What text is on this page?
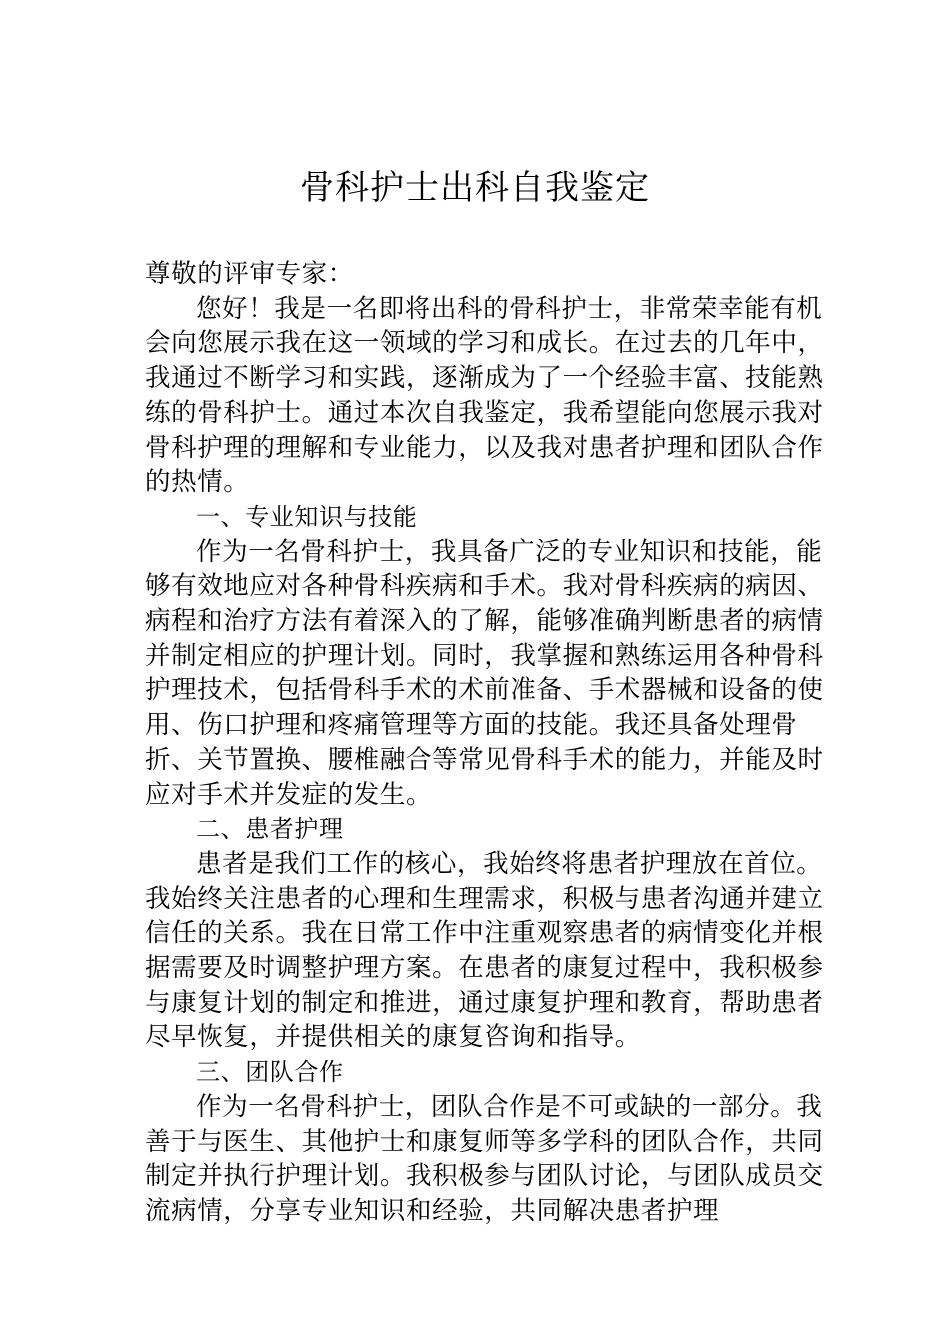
骨科护士出科自我鉴定

尊敬的评审专家：

您好！我是一名即将出科的骨科护士，非常荣幸能有机会向您展示我在这一领域的学习和成长。在过去的几年中，我通过不断学习和实践，逐渐成为了一个经验丰富、技能熟练的骨科护士。通过本次自我鉴定，我希望能向您展示我对骨科护理的理解和专业能力，以及我对患者护理和团队合作的热情。

一、专业知识与技能

作为一名骨科护士，我具备广泛的专业知识和技能，能够有效地应对各种骨科疾病和手术。我对骨科疾病的病因、病程和治疗方法有着深入的了解，能够准确判断患者的病情并制定相应的护理计划。同时，我掌握和熟练运用各种骨科护理技术，包括骨科手术的术前准备、手术器械和设备的使用、伤口护理和疼痛管理等方面的技能。我还具备处理骨折、关节置换、腰椎融合等常见骨科手术的能力，并能及时应对手术并发症的发生。

二、患者护理

患者是我们工作的核心，我始终将患者护理放在首位。我始终关注患者的心理和生理需求，积极与患者沟通并建立信任的关系。我在日常工作中注重观察患者的病情变化并根据需要及时调整护理方案。在患者的康复过程中，我积极参与康复计划的制定和推进，通过康复护理和教育，帮助患者尽早恢复，并提供相关的康复咨询和指导。

三、团队合作

作为一名骨科护士，团队合作是不可或缺的一部分。我善于与医生、其他护士和康复师等多学科的团队合作，共同制定并执行护理计划。我积极参与团队讨论，与团队成员交流病情，分享专业知识和经验，共同解决患者护理
